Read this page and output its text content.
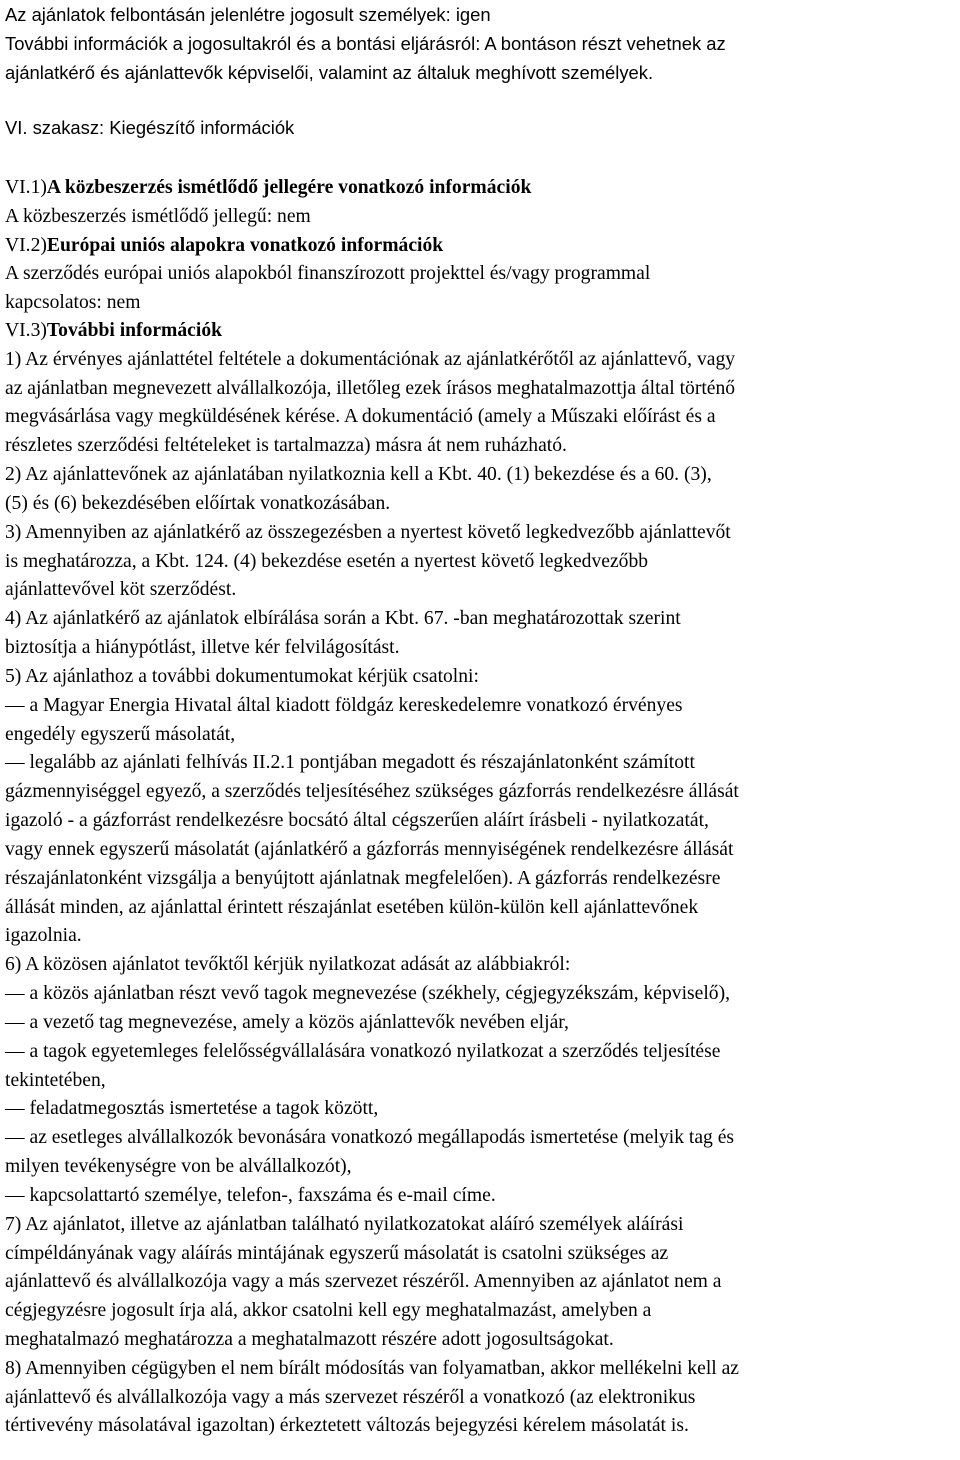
Az ajánlatok felbontásán jelenlétre jogosult személyek: igen
További információk a jogosultakról és a bontási eljárásról: A bontáson részt vehetnek az
ajánlatkérő és ajánlattevők képviselői, valamint az általuk meghívott személyek.
VI. szakasz: Kiegészítő információk
VI.1)A közbeszerzés ismétlődő jellegére vonatkozó információk
A közbeszerzés ismétlődő jellegű: nem
VI.2)Európai uniós alapokra vonatkozó információk
A szerződés európai uniós alapokból finanszírozott projekttel és/vagy programmal
kapcsolatos: nem
VI.3)További információk
1) Az érvényes ajánlattétel feltétele a dokumentációnak az ajánlatkérőtől az ajánlattevő, vagy
az ajánlatban megnevezett alvállalkozója, illetőleg ezek írásos meghatalmazottja által történő
megvásárlása vagy megküldésének kérése. A dokumentáció (amely a Műszaki előírást és a
részletes szerződési feltételeket is tartalmazza) másra át nem ruházható.
2) Az ajánlattevőnek az ajánlatában nyilatkoznia kell a Kbt. 40. (1) bekezdése és a 60. (3),
(5) és (6) bekezdésében előírtak vonatkozásában.
3) Amennyiben az ajánlatkérő az összegezésben a nyertest követő legkedvezőbb ajánlattevőt
is meghatározza, a Kbt. 124. (4) bekezdése esetén a nyertest követő legkedvezőbb
ajánlattevővel köt szerződést.
4) Az ajánlatkérő az ajánlatok elbírálása során a Kbt. 67. -ban meghatározottak szerint
biztosítja a hiánypótlást, illetve kér felvilágosítást.
5) Az ajánlathoz a további dokumentumokat kérjük csatolni:
— a Magyar Energia Hivatal által kiadott földgáz kereskedelemre vonatkozó érvényes
engedély egyszerű másolatát,
— legalább az ajánlati felhívás II.2.1 pontjában megadott és részajánlatonként számított
gázmennyiséggel egyező, a szerződés teljesítéséhez szükséges gázforrás rendelkezésre állását
igazoló - a gázforrást rendelkezésre bocsátó által cégszerűen aláírt írásbeli - nyilatkozatát,
vagy ennek egyszerű másolatát (ajánlatkérő a gázforrás mennyiségének rendelkezésre állását
részajánlatonként vizsgálja a benyújtott ajánlatnak megfelelően). A gázforrás rendelkezésre
állását minden, az ajánlattal érintett részajánlat esetében külön-külön kell ajánlattevőnek
igazolnia.
6) A közösen ajánlatot tevőktől kérjük nyilatkozat adását az alábbiakról:
— a közös ajánlatban részt vevő tagok megnevezése (székhely, cégjegyzékszám, képviselő),
— a vezető tag megnevezése, amely a közös ajánlattevők nevében eljár,
— a tagok egyetemleges felelősségvállalására vonatkozó nyilatkozat a szerződés teljesítése
tekintetében,
— feladatmegosztás ismertetése a tagok között,
— az esetleges alvállalkozók bevonására vonatkozó megállapodás ismertetése (melyik tag és
milyen tevékenységre von be alvállalkozót),
— kapcsolattartó személye, telefon-, faxszáma és e-mail címe.
7) Az ajánlatot, illetve az ajánlatban található nyilatkozatokat aláíró személyek aláírási
címpéldányának vagy aláírás mintájának egyszerű másolatát is csatolni szükséges az
ajánlattevő és alvállalkozója vagy a más szervezet részéről. Amennyiben az ajánlatot nem a
cégjegyzésre jogosult írja alá, akkor csatolni kell egy meghatalmazást, amelyben a
meghatalmazó meghatározza a meghatalmazott részére adott jogosultságokat.
8) Amennyiben cégügyben el nem bírált módosítás van folyamatban, akkor mellékelni kell az
ajánlattevő és alvállalkozója vagy a más szervezet részéről a vonatkozó (az elektronikus
tértivevény másolatával igazoltan) érkeztetett változás bejegyzési kérelem másolatát is.
